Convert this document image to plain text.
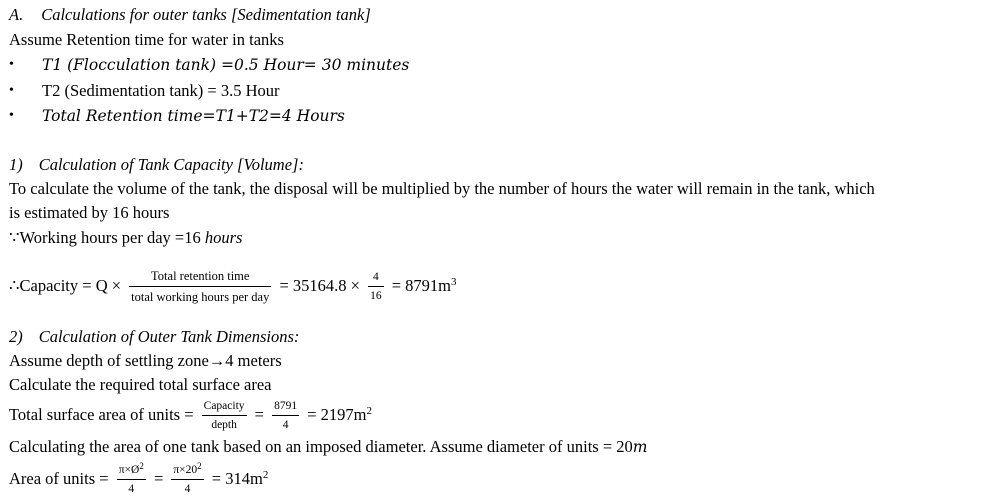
A. Calculations for outer tanks [Sedimentation tank]
Assume Retention time for water in tanks
• T1 (Flocculation tank) =0.5 Hour= 30 minutes
• T2 (Sedimentation tank) = 3.5 Hour
• Total Retention time=T1+T2=4 Hours
1) Calculation of Tank Capacity [Volume]:
To calculate the volume of the tank, the disposal will be multiplied by the number of hours the water will remain in the tank, which
is estimated by 16 hours
∵Working hours per day =16 hours
∴Capacity = $Q \times \frac{\text{Total retention time}}{\text{total working hours per day}} = 35164.8 \times \frac{4}{16} = 8791m^3$
2) Calculation of Outer Tank Dimensions:
Assume depth of settling zone→4 meters
Calculate the required total surface area
Total surface area of units = $\frac{\text{Capacity}}{\text{depth}} = \frac{8791}{4} = 2197m^2$
Calculating the area of one tank based on an imposed diameter. Assume diameter of units = 20m
Area of units = $\frac{\pi\times Ø^2}{4} = \frac{\pi\times 20^2}{4} = 314m^2$
